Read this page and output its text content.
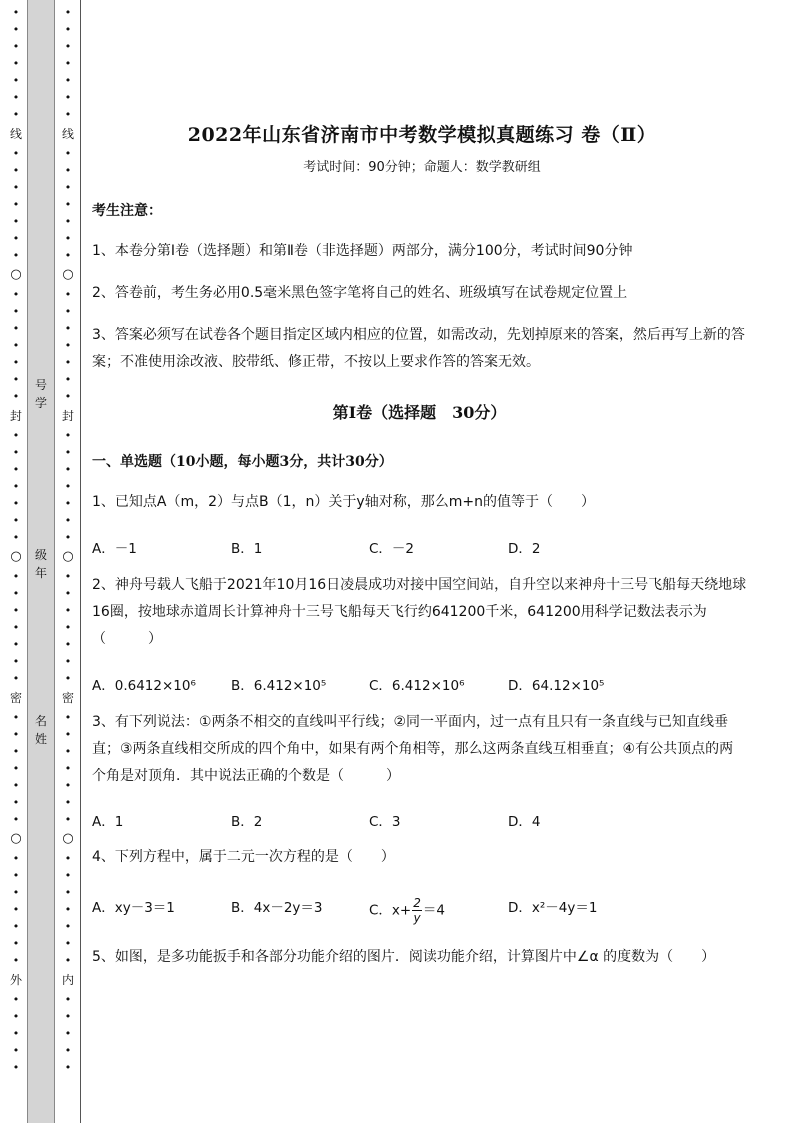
•
•
•
•
•
•
•
线
•
•
•
•
•
•
•
○
•
•
•
•
•
•
•
封
•
•
•
•
•
•
•
○
•
•
•
•
•
•
•
密
•
•
•
•
•
•
•
○
•
•
•
•
•
•
•
外
•
•
•
•
•
号 学
级 年
名 姓
•
•
•
•
•
•
•
线
•
•
•
•
•
•
•
○
•
•
•
•
•
•
•
封
•
•
•
•
•
•
•
○
•
•
•
•
•
•
•
密
•
•
•
•
•
•
•
○
•
•
•
•
•
•
•
内
•
•
•
•
•
2022年山东省济南市中考数学模拟真题练习 卷（Ⅱ）
考试时间：90分钟；命题人：数学教研组
考生注意：
1、本卷分第Ⅰ卷（选择题）和第Ⅱ卷（非选择题）两部分，满分100分，考试时间90分钟
2、答卷前，考生务必用0.5毫米黑色签字笔将自己的姓名、班级填写在试卷规定位置上
3、答案必须写在试卷各个题目指定区域内相应的位置，如需改动，先划掉原来的答案，然后再写上新的答案；不准使用涂改液、胶带纸、修正带，不按以上要求作答的答案无效。
第Ⅰ卷（选择题　30分）
一、单选题（10小题，每小题3分，共计30分）
1、已知点A（m，2）与点B（1，n）关于y轴对称，那么m+n的值等于（　　）
A．－1	B．1	C．－2	D．2
2、神舟号载人飞船于2021年10月16日凌晨成功对接中国空间站，自升空以来神舟十三号飞船每天绕地球16圈，按地球赤道周长计算神舟十三号飞船每天飞行约641200千米，641200用科学记数法表示为（　　　）
A．0.6412×10⁶	B．6.412×10⁵	C．6.412×10⁶	D．64.12×10⁵
3、有下列说法：①两条不相交的直线叫平行线；②同一平面内，过一点有且只有一条直线与已知直线垂直；③两条直线相交所成的四个角中，如果有两个角相等，那么这两条直线互相垂直；④有公共顶点的两个角是对顶角．其中说法正确的个数是（　　　）
A．1	B．2	C．3	D．4
4、下列方程中，属于二元一次方程的是（　　）
A．xy－3＝1	B．4x－2y＝3	C．$x+ \frac{2}{y} =4$	D．x²－4y＝1
5、如图，是多功能扳手和各部分功能介绍的图片．阅读功能介绍，计算图片中∠α 的度数为（　　）
